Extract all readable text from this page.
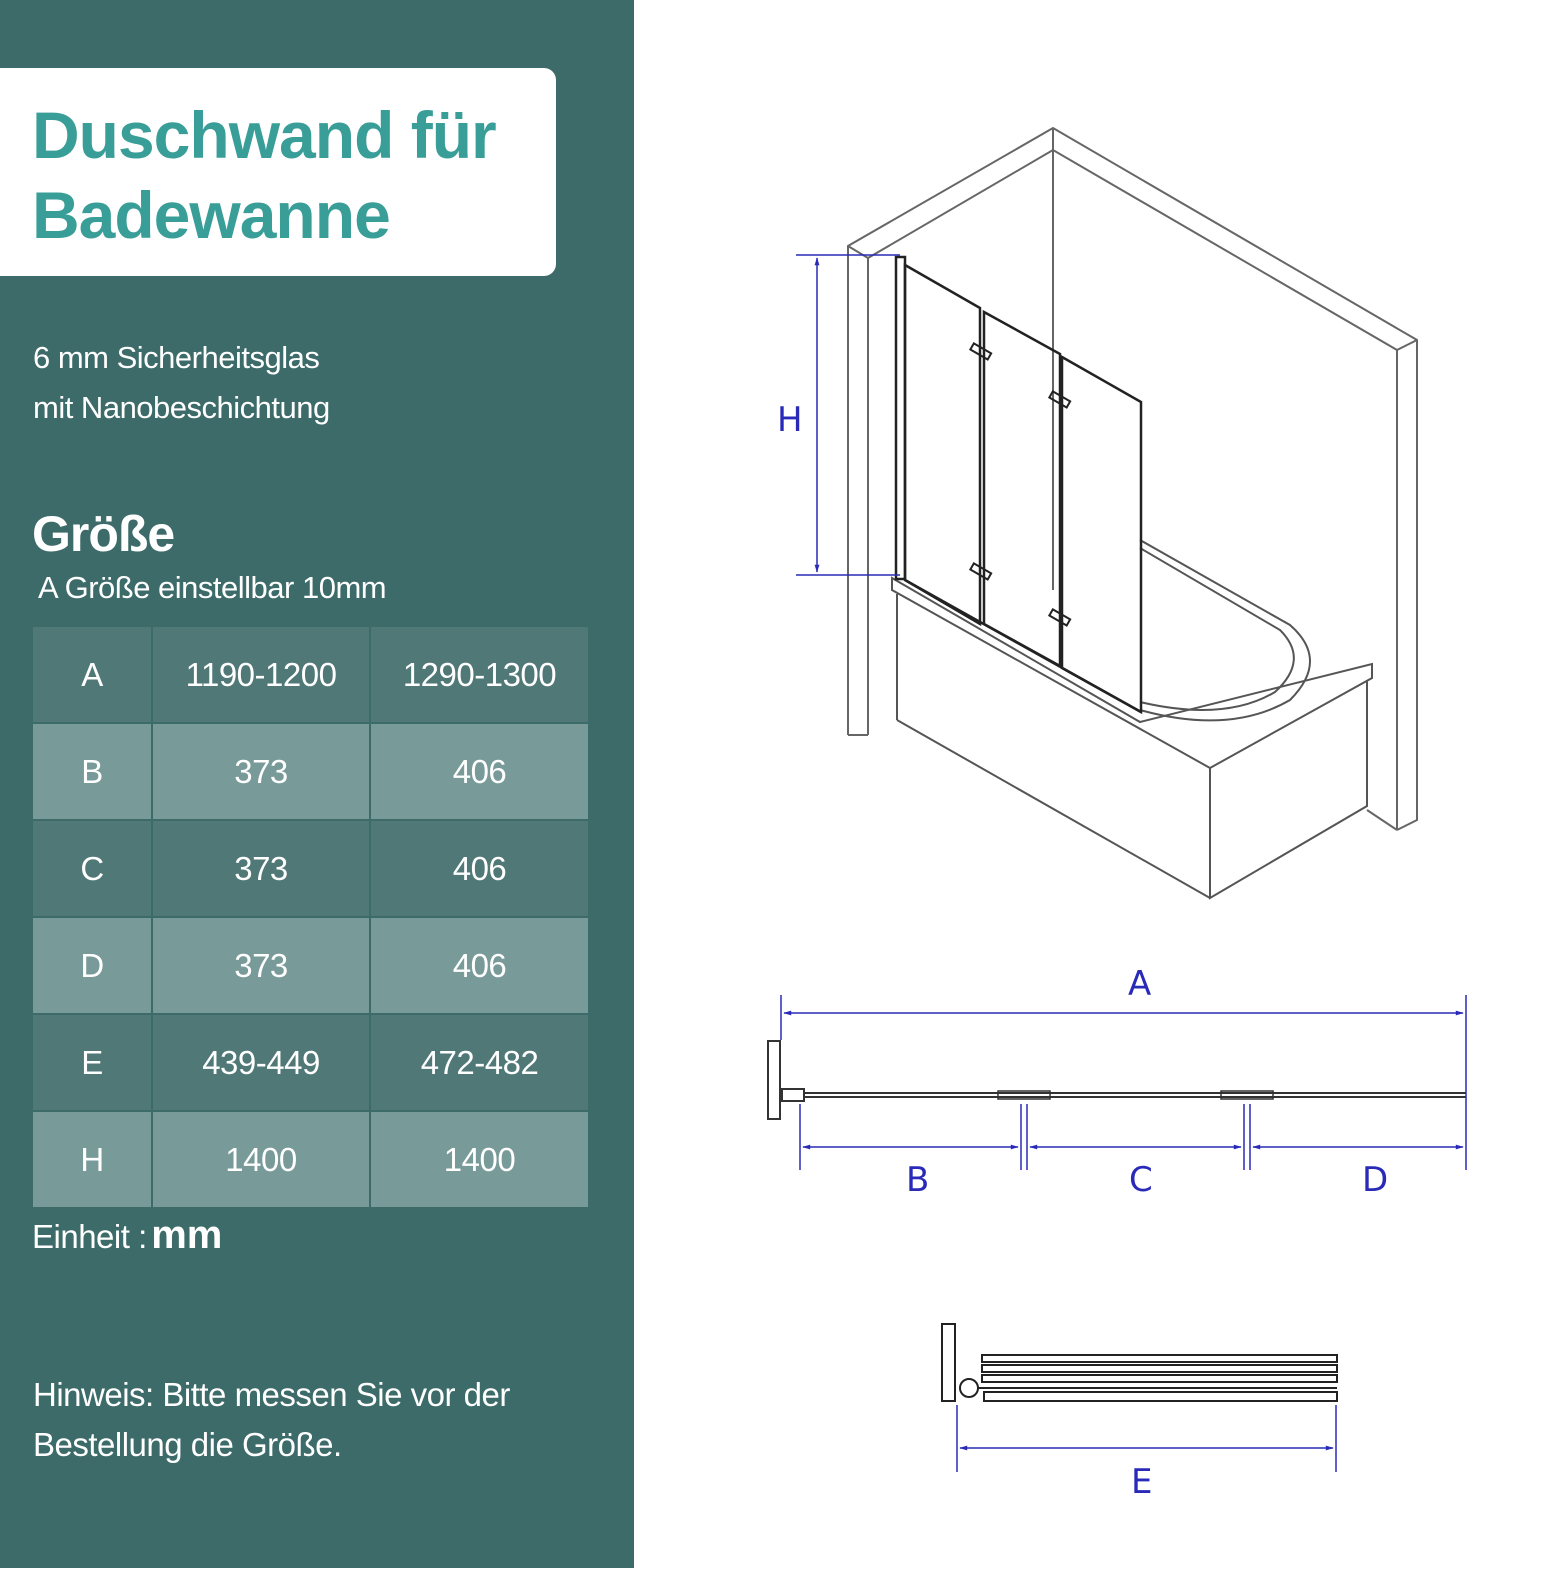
Duschwand für
Badewanne
6 mm Sicherheitsglas
mit Nanobeschichtung
Größe
A Größe einstellbar 10mm
A	1190-1200	1290-1300
B	373	406
C	373	406
D	373	406
E	439-449	472-482
H	1400	1400
Einheit : mm
Hinweis: Bitte messen Sie vor der
Bestellung die Größe.
H
A
B	C	D
E
